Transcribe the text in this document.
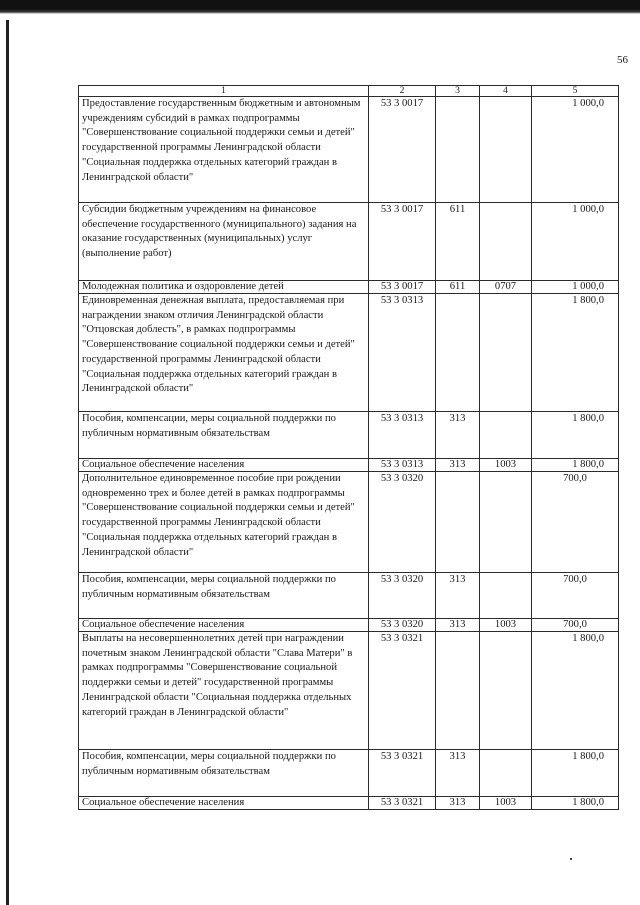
56
1	2	3	4	5
Предоставление государственным бюджетным и автономным учреждениям субсидий в рамках подпрограммы "Совершенствование социальной поддержки семьи и детей" государственной программы Ленинградской области "Социальная поддержка отдельных категорий граждан в Ленинградской области"	53 3 0017			1 000,0
Субсидии бюджетным учреждениям на финансовое обеспечение государственного (муниципального) задания на оказание государственных (муниципальных) услуг (выполнение работ)	53 3 0017	611		1 000,0
Молодежная политика и оздоровление детей	53 3 0017	611	0707	1 000,0
Единовременная денежная выплата, предоставляемая при награждении знаком отличия Ленинградской области "Отцовская доблесть", в рамках подпрограммы "Совершенствование социальной поддержки семьи и детей" государственной программы Ленинградской области "Социальная поддержка отдельных категорий граждан в Ленинградской области"	53 3 0313			1 800,0
Пособия, компенсации, меры социальной поддержки по публичным нормативным обязательствам	53 3 0313	313		1 800,0
Социальное обеспечение населения	53 3 0313	313	1003	1 800,0
Дополнительное единовременное пособие при рождении одновременно трех и более детей в рамках подпрограммы "Совершенствование социальной поддержки семьи и детей" государственной программы Ленинградской области "Социальная поддержка отдельных категорий граждан в Ленинградской области"	53 3 0320			700,0
Пособия, компенсации, меры социальной поддержки по публичным нормативным обязательствам	53 3 0320	313		700,0
Социальное обеспечение населения	53 3 0320	313	1003	700,0
Выплаты на несовершеннолетних детей при награждении почетным знаком Ленинградской области "Слава Матери" в рамках подпрограммы "Совершенствование социальной поддержки семьи и детей" государственной программы Ленинградской области "Социальная поддержка отдельных категорий граждан в Ленинградской области"	53 3 0321			1 800,0
Пособия, компенсации, меры социальной поддержки по публичным нормативным обязательствам	53 3 0321	313		1 800,0
Социальное обеспечение населения	53 3 0321	313	1003	1 800,0
